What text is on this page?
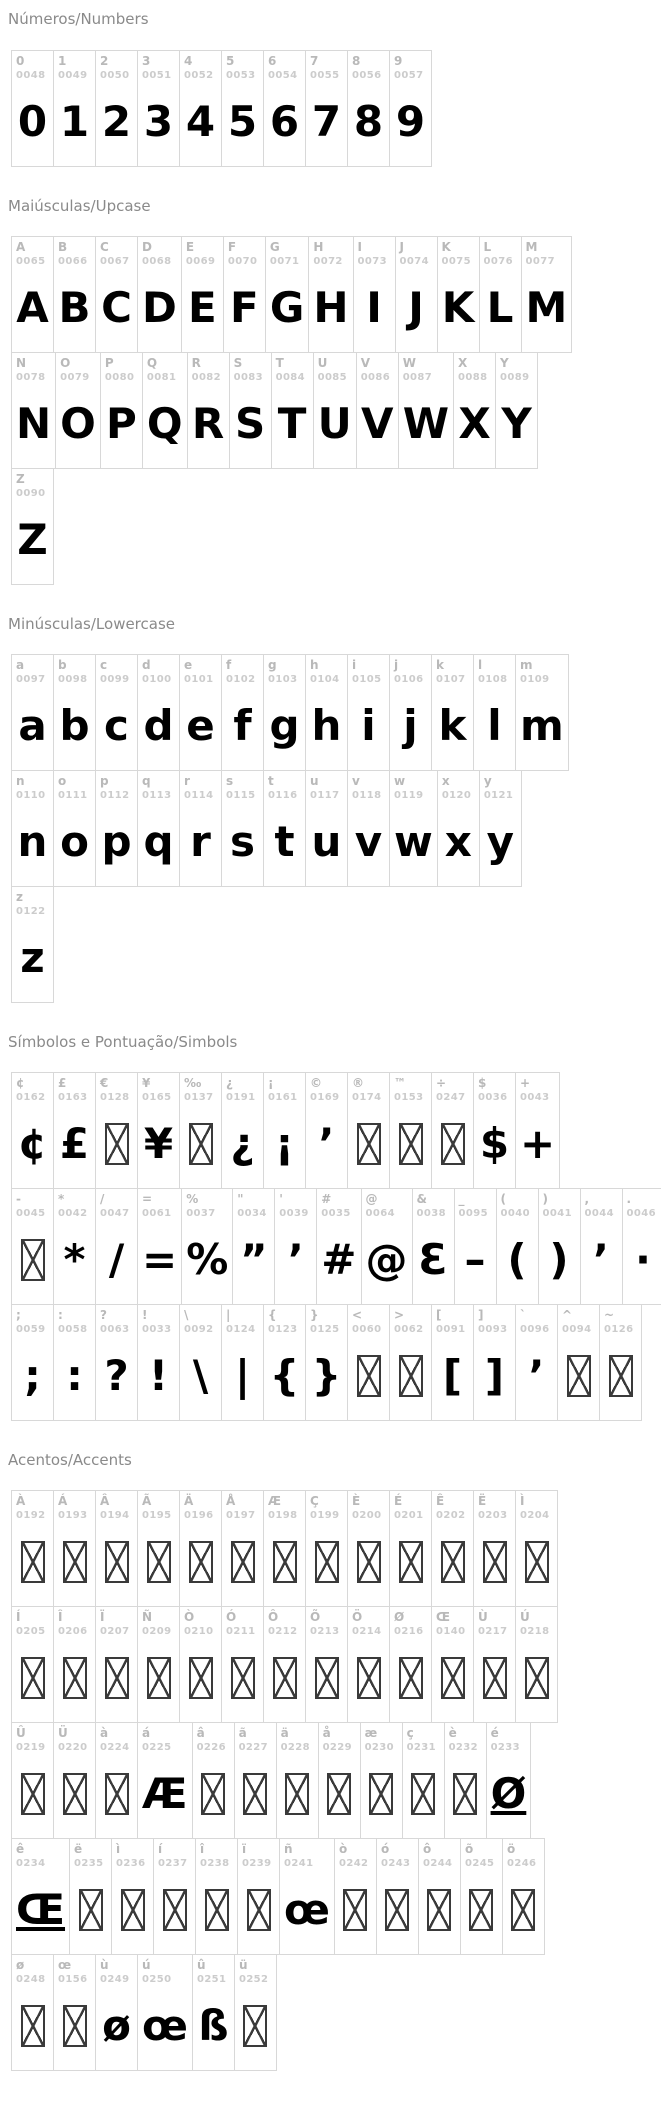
Números/Numbers
0
0048
0
1
0049
1
2
0050
2
3
0051
3
4
0052
4
5
0053
5
6
0054
6
7
0055
7
8
0056
8
9
0057
9
Maiúsculas/Upcase
A
0065
A
B
0066
B
C
0067
C
D
0068
D
E
0069
E
F
0070
F
G
0071
G
H
0072
H
I
0073
I
J
0074
J
K
0075
K
L
0076
L
M
0077
M
N
0078
N
O
0079
O
P
0080
P
Q
0081
Q
R
0082
R
S
0083
S
T
0084
T
U
0085
U
V
0086
V
W
0087
W
X
0088
X
Y
0089
Y
Z
0090
Z
Minúsculas/Lowercase
a
0097
a
b
0098
b
c
0099
c
d
0100
d
e
0101
e
f
0102
f
g
0103
g
h
0104
h
i
0105
i
j
0106
j
k
0107
k
l
0108
l
m
0109
m
n
0110
n
o
0111
o
p
0112
p
q
0113
q
r
0114
r
s
0115
s
t
0116
t
u
0117
u
v
0118
v
w
0119
w
x
0120
x
y
0121
y
z
0122
z
Símbolos e Pontuação/Simbols
¢
0162
¢
£
0163
£
€
0128
¥
0165
¥
‰
0137
¿
0191
¿
¡
0161
¡
©
0169
’
®
0174
™
0153
÷
0247
$
0036
$
+
0043
+
-
0045
*
0042
*
/
0047
/
=
0061
=
%
0037
%
"
0034
”
'
0039
’
#
0035
#
@
0064
@
&
0038
Ɛ
_
0095
–
(
0040
(
)
0041
)
,
0044
’
.
0046
·
;
0059
;
:
0058
:
?
0063
?
!
0033
!
\
0092
\
|
0124
|
{
0123
{
}
0125
}
<
0060
>
0062
[
0091
[
]
0093
]
`
0096
’
^
0094
~
0126
Acentos/Accents
À
0192
Á
0193
Â
0194
Ã
0195
Ä
0196
Å
0197
Æ
0198
Ç
0199
È
0200
É
0201
Ê
0202
Ë
0203
Ì
0204
Í
0205
Î
0206
Ï
0207
Ñ
0209
Ò
0210
Ó
0211
Ô
0212
Õ
0213
Ö
0214
Ø
0216
Œ
0140
Ù
0217
Ú
0218
Û
0219
Ü
0220
à
0224
á
0225
Æ
â
0226
ã
0227
ä
0228
å
0229
æ
0230
ç
0231
è
0232
é
0233
Ø
ê
0234
Œ
ë
0235
ì
0236
í
0237
î
0238
ï
0239
ñ
0241
œ
ò
0242
ó
0243
ô
0244
õ
0245
ö
0246
ø
0248
œ
0156
ù
0249
ø
ú
0250
œ
û
0251
ß
ü
0252
